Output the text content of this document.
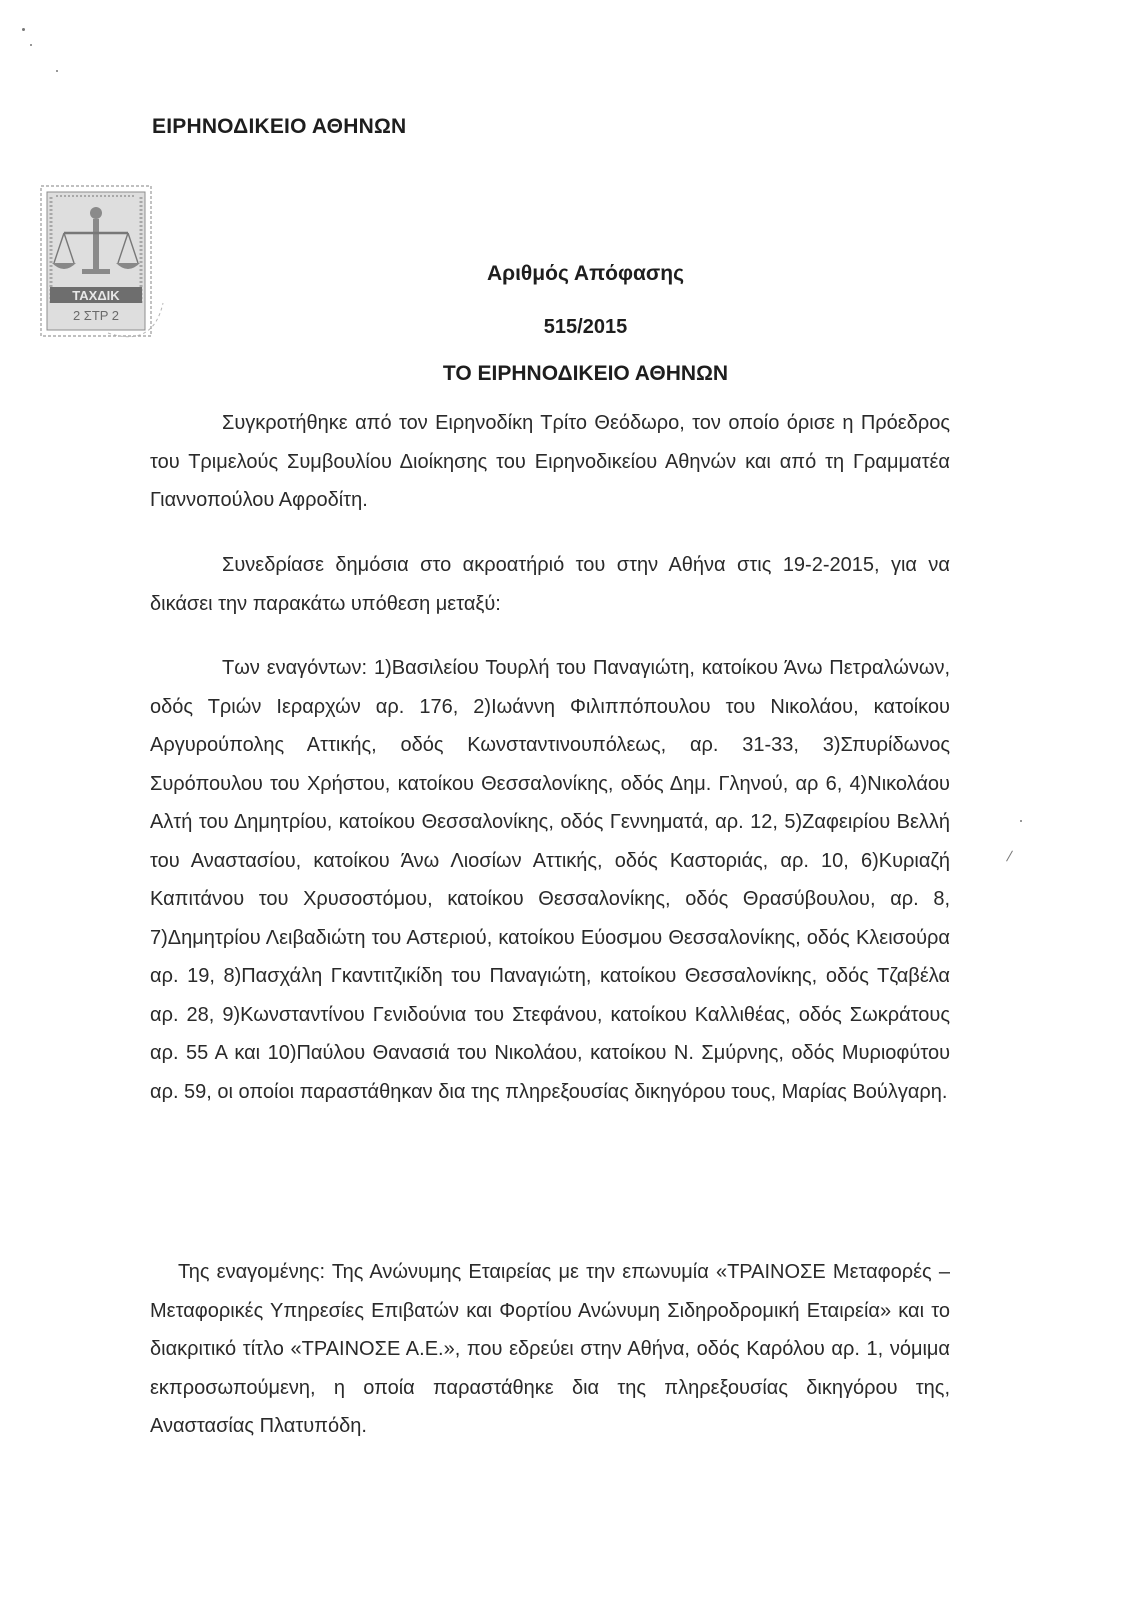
ΕΙΡΗΝΟΔΙΚΕΙΟ ΑΘΗΝΩΝ
ΤΑΧΔΙΚ
2 ΣΤΡ 2
Αριθμός Απόφασης
515/2015
ΤΟ ΕΙΡΗΝΟΔΙΚΕΙΟ ΑΘΗΝΩΝ

Συγκροτήθηκε από τον Ειρηνοδίκη Τρίτο Θεόδωρο, τον οποίο όρισε η Πρόεδρος του Τριμελούς Συμβουλίου Διοίκησης του Ειρηνοδικείου Αθηνών και από τη Γραμματέα Γιαννοπούλου Αφροδίτη.

Συνεδρίασε δημόσια στο ακροατήριό του στην Αθήνα στις 19-2-2015, για να δικάσει την παρακάτω υπόθεση μεταξύ:

Των εναγόντων: 1)Βασιλείου Τουρλή του Παναγιώτη, κατοίκου Άνω Πετραλώνων, οδός Τριών Ιεραρχών αρ. 176, 2)Ιωάννη Φιλιππόπουλου του Νικολάου, κατοίκου Αργυρούπολης Αττικής, οδός Κωνσταντινουπόλεως, αρ. 31-33, 3)Σπυρίδωνος Συρόπουλου του Χρήστου, κατοίκου Θεσσαλονίκης, οδός Δημ. Γληνού, αρ 6, 4)Νικολάου Αλτή του Δημητρίου, κατοίκου Θεσσαλονίκης, οδός Γεννηματά, αρ. 12, 5)Ζαφειρίου Βελλή του Αναστασίου, κατοίκου Άνω Λιοσίων Αττικής, οδός Καστοριάς, αρ. 10, 6)Κυριαζή Καπιτάνου του Χρυσοστόμου, κατοίκου Θεσσαλονίκης, οδός Θρασύβουλου, αρ. 8, 7)Δημητρίου Λειβαδιώτη του Αστεριού, κατοίκου Εύοσμου Θεσσαλονίκης, οδός Κλεισούρα αρ. 19, 8)Πασχάλη Γκαντιτζικίδη του Παναγιώτη, κατοίκου Θεσσαλονίκης, οδός Τζαβέλα αρ. 28, 9)Κωνσταντίνου Γενιδούνια του Στεφάνου, κατοίκου Καλλιθέας, οδός Σωκράτους αρ. 55 Α και 10)Παύλου Θανασιά του Νικολάου, κατοίκου Ν. Σμύρνης, οδός Μυριοφύτου αρ. 59, οι οποίοι παραστάθηκαν δια της πληρεξουσίας δικηγόρου τους, Μαρίας Βούλγαρη.

Της εναγομένης: Της Ανώνυμης Εταιρείας με την επωνυμία «ΤΡΑΙΝΟΣΕ Μεταφορές – Μεταφορικές Υπηρεσίες Επιβατών και Φορτίου Ανώνυμη Σιδηροδρομική Εταιρεία» και το διακριτικό τίτλο «ΤΡΑΙΝΟΣΕ Α.Ε.», που εδρεύει στην Αθήνα, οδός Καρόλου αρ. 1, νόμιμα εκπροσωπούμενη, η οποία παραστάθηκε δια της πληρεξουσίας δικηγόρου της, Αναστασίας Πλατυπόδη.
